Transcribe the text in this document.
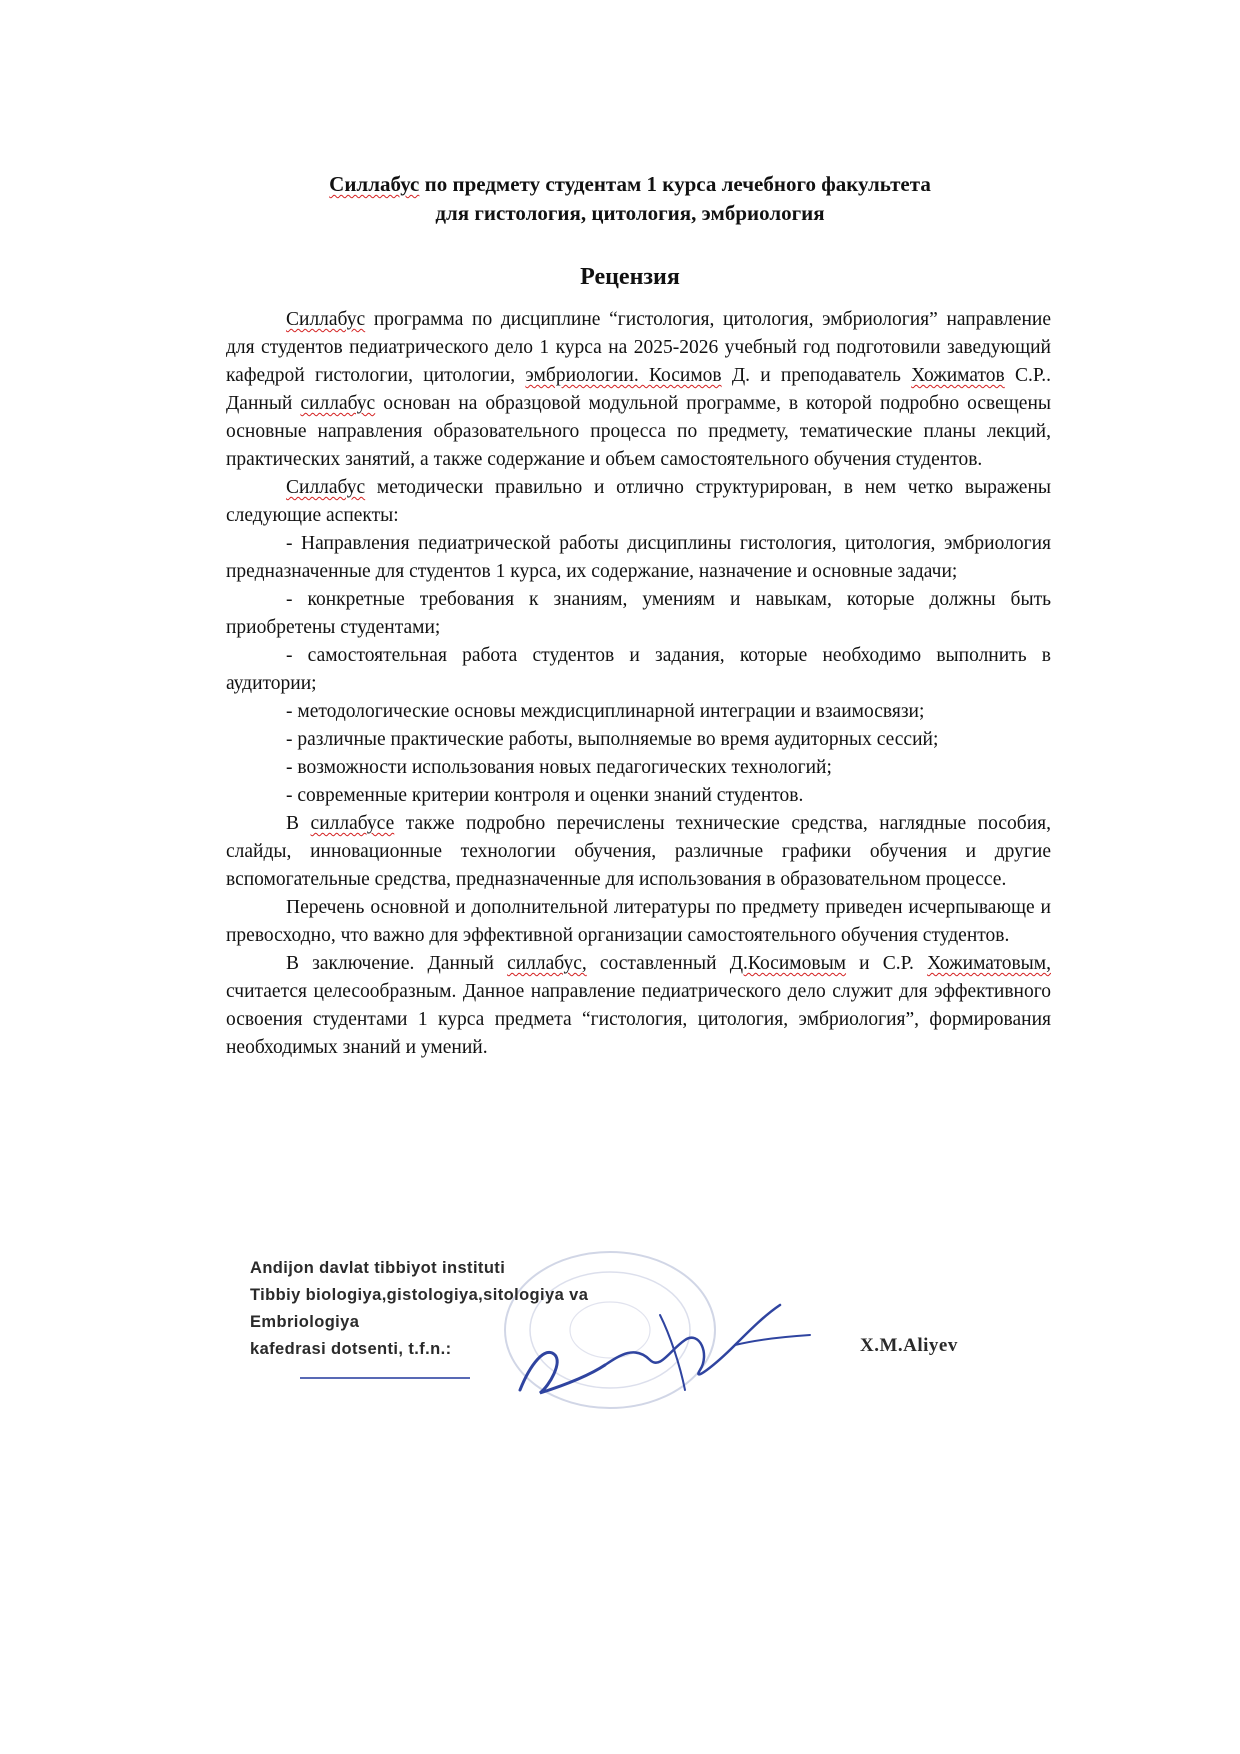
Силлабус по предмету студентам 1 курса лечебного факультета
для гистология, цитология, эмбриология
Рецензия

Силлабус программа по дисциплине “гистология, цитология, эмбриология” направление для студентов педиатрического дело 1 курса на 2025-2026 учебный год подготовили заведующий кафедрой гистологии, цитологии, эмбриологии. Косимов Д. и преподаватель Хожиматов С.Р.. Данный силлабус основан на образцовой модульной программе, в которой подробно освещены основные направления образовательного процесса по предмету, тематические планы лекций, практических занятий, а также содержание и объем самостоятельного обучения студентов.

Силлабус методически правильно и отлично структурирован, в нем четко выражены следующие аспекты:

- Направления педиатрической работы дисциплины гистология, цитология, эмбриология предназначенные для студентов 1 курса, их содержание, назначение и основные задачи;
- конкретные требования к знаниям, умениям и навыкам, которые должны быть приобретены студентами;
- самостоятельная работа студентов и задания, которые необходимо выполнить в аудитории;
- методологические основы междисциплинарной интеграции и взаимосвязи;
- различные практические работы, выполняемые во время аудиторных сессий;
- возможности использования новых педагогических технологий;
- современные критерии контроля и оценки знаний студентов.

В силлабусе также подробно перечислены технические средства, наглядные пособия, слайды, инновационные технологии обучения, различные графики обучения и другие вспомогательные средства, предназначенные для использования в образовательном процессе.

Перечень основной и дополнительной литературы по предмету приведен исчерпывающе и превосходно, что важно для эффективной организации самостоятельного обучения студентов.

В заключение. Данный силлабус, составленный Д.Косимовым и С.Р. Хожиматовым, считается целесообразным. Данное направление педиатрического дело служит для эффективного освоения студентами 1 курса предмета “гистология, цитология, эмбриология”, формирования необходимых знаний и умений.

Andijon davlat tibbiyot instituti
Tibbiy biologiya,gistologiya,sitologiya va
Embriologiya
kafedrasi dotsenti, t.f.n.:	X.M.Aliyev
